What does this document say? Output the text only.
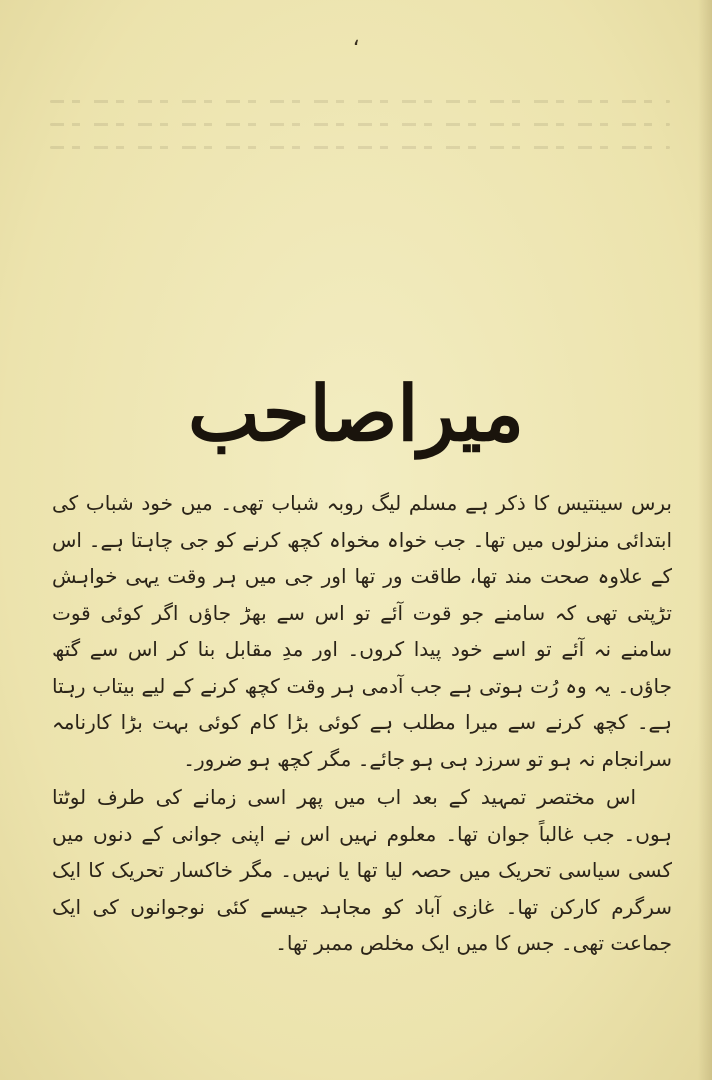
،
میراصاحب

برس سینتیس کا ذکر ہے مسلم لیگ روبہ شباب تھی۔ میں خود شباب کی ابتدائی منزلوں میں تھا۔ جب خواہ مخواہ کچھ کرنے کو جی چاہتا ہے۔ اس کے علاوہ صحت مند تھا، طاقت ور تھا اور جی میں ہر وقت یہی خواہش تڑپتی تھی کہ سامنے جو قوت آئے تو اس سے بھڑ جاؤں اگر کوئی قوت سامنے نہ آئے تو اسے خود پیدا کروں۔ اور مدِ مقابل بنا کر اس سے گتھ جاؤں۔ یہ وہ رُت ہوتی ہے جب آدمی ہر وقت کچھ کرنے کے لیے بیتاب رہتا ہے۔ کچھ کرنے سے میرا مطلب ہے کوئی بڑا کام کوئی بہت بڑا کارنامہ سرانجام نہ ہو تو سرزد ہی ہو جائے۔ مگر کچھ ہو ضرور۔

اس مختصر تمہید کے بعد اب میں پھر اسی زمانے کی طرف لوٹتا ہوں۔ جب غالباً جوان تھا۔ معلوم نہیں اس نے اپنی جوانی کے دنوں میں کسی سیاسی تحریک میں حصہ لیا تھا یا نہیں۔ مگر خاکسار تحریک کا ایک سرگرم کارکن تھا۔ غازی آباد کو مجاہد جیسے کئی نوجوانوں کی ایک جماعت تھی۔ جس کا میں ایک مخلص ممبر تھا۔
